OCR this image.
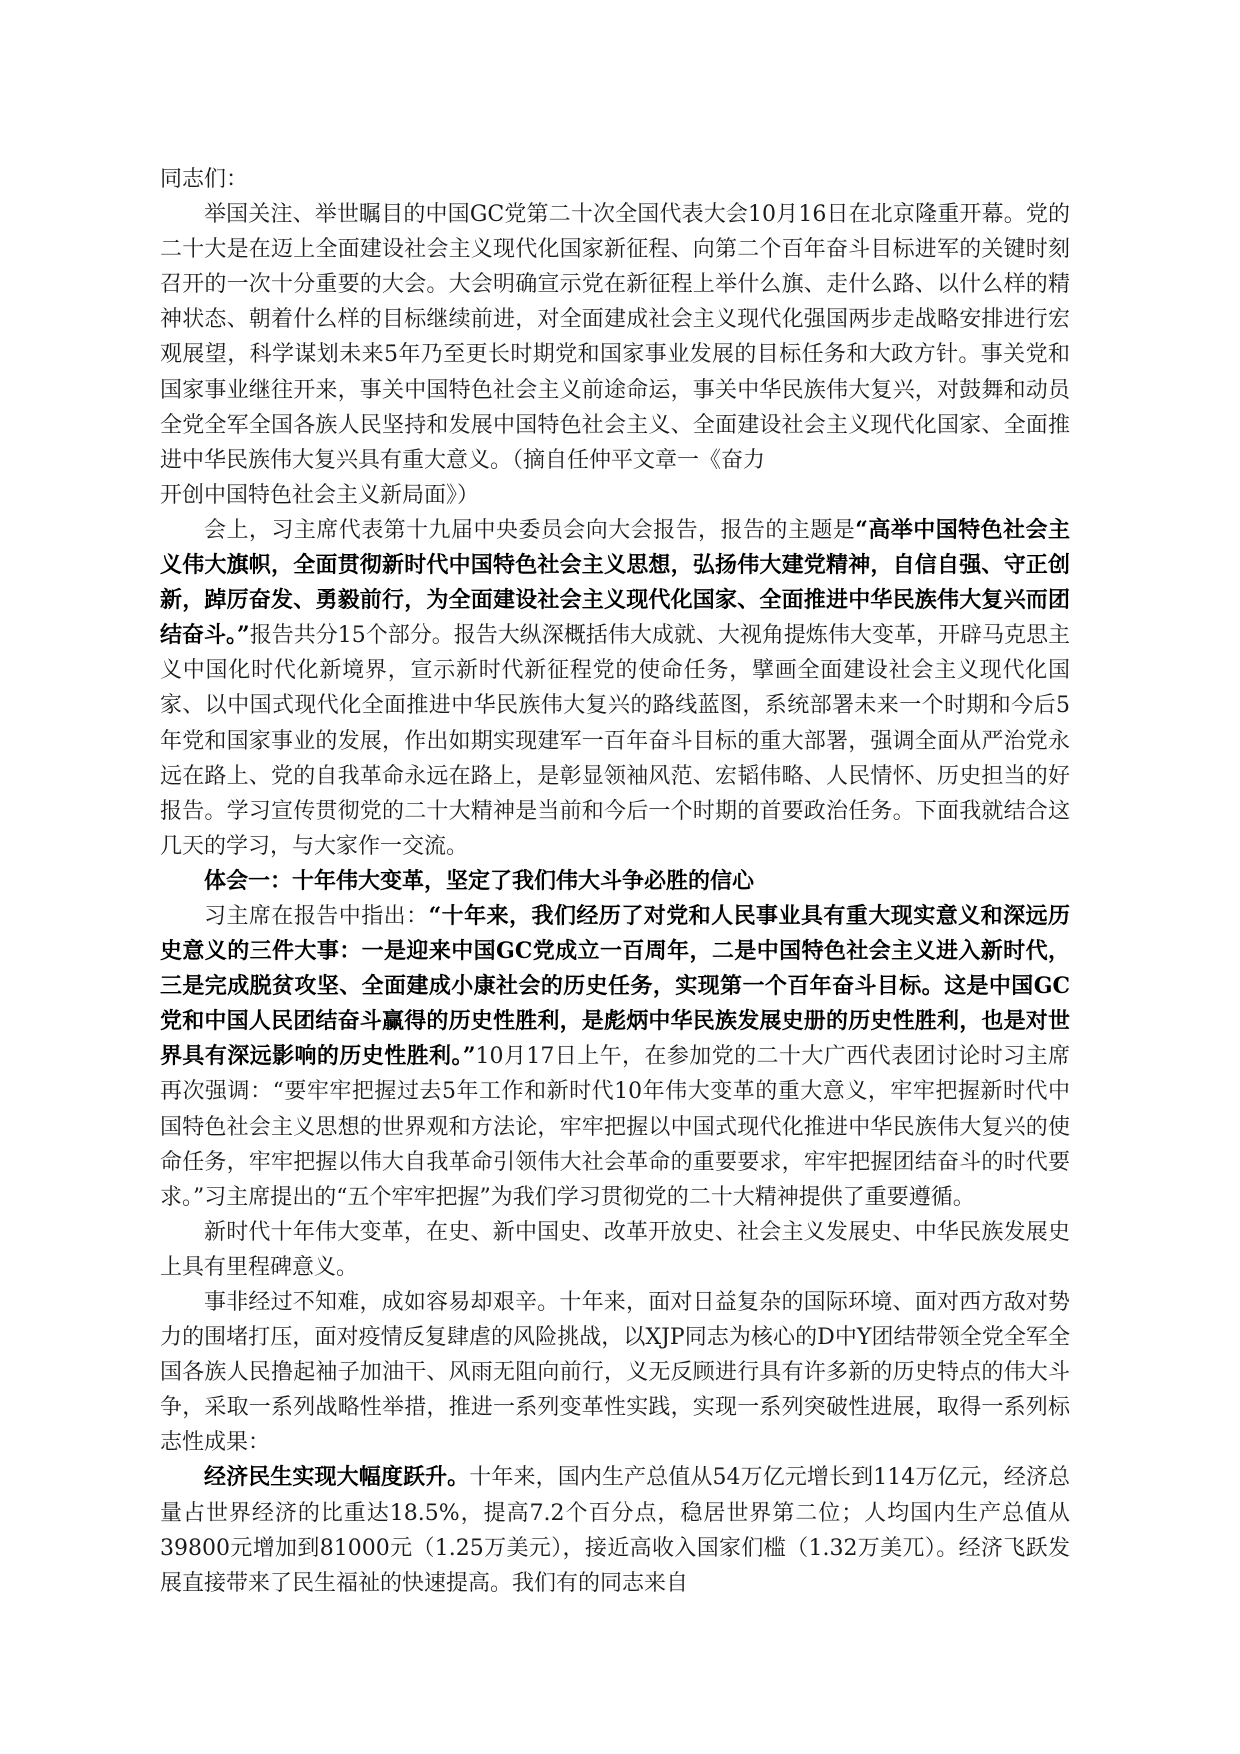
同志们：

举国关注、举世瞩目的中国GC党第二十次全国代表大会10月16日在北京隆重开幕。党的二十大是在迈上全面建设社会主义现代化国家新征程、向第二个百年奋斗目标进军的关键时刻召开的一次十分重要的大会。大会明确宣示党在新征程上举什么旗、走什么路、以什么样的精神状态、朝着什么样的目标继续前进，对全面建成社会主义现代化强国两步走战略安排进行宏观展望，科学谋划未来5年乃至更长时期党和国家事业发展的目标任务和大政方针。事关党和国家事业继往开来，事关中国特色社会主义前途命运，事关中华民族伟大复兴，对鼓舞和动员全党全军全国各族人民坚持和发展中国特色社会主义、全面建设社会主义现代化国家、全面推进中华民族伟大复兴具有重大意义。（摘自任仲平文章一《奋力
开创中国特色社会主义新局面》）

会上，习主席代表第十九届中央委员会向大会报告，报告的主题是“高举中国特色社会主义伟大旗帜，全面贯彻新时代中国特色社会主义思想，弘扬伟大建党精神，自信自强、守正创新，踔厉奋发、勇毅前行，为全面建设社会主义现代化国家、全面推进中华民族伟大复兴而团结奋斗。”报告共分15个部分。报告大纵深概括伟大成就、大视角提炼伟大变革，开辟马克思主义中国化时代化新境界，宣示新时代新征程党的使命任务，擘画全面建设社会主义现代化国家、以中国式现代化全面推进中华民族伟大复兴的路线蓝图，系统部署未来一个时期和今后5年党和国家事业的发展，作出如期实现建军一百年奋斗目标的重大部署，强调全面从严治党永远在路上、党的自我革命永远在路上，是彰显领袖风范、宏韬伟略、人民情怀、历史担当的好报告。学习宣传贯彻党的二十大精神是当前和今后一个时期的首要政治任务。下面我就结合这几天的学习，与大家作一交流。

体会一：十年伟大变革，坚定了我们伟大斗争必胜的信心

习主席在报告中指出：“十年来，我们经历了对党和人民事业具有重大现实意义和深远历史意义的三件大事：一是迎来中国GC党成立一百周年，二是中国特色社会主义进入新时代，三是完成脱贫攻坚、全面建成小康社会的历史任务，实现第一个百年奋斗目标。这是中国GC党和中国人民团结奋斗赢得的历史性胜利，是彪炳中华民族发展史册的历史性胜利，也是对世界具有深远影响的历史性胜利。”10月17日上午，在参加党的二十大广西代表团讨论时习主席再次强调：“要牢牢把握过去5年工作和新时代10年伟大变革的重大意义，牢牢把握新时代中国特色社会主义思想的世界观和方法论，牢牢把握以中国式现代化推进中华民族伟大复兴的使命任务，牢牢把握以伟大自我革命引领伟大社会革命的重要要求，牢牢把握团结奋斗的时代要求。”习主席提出的“五个牢牢把握”为我们学习贯彻党的二十大精神提供了重要遵循。

新时代十年伟大变革，在史、新中国史、改革开放史、社会主义发展史、中华民族发展史上具有里程碑意义。

事非经过不知难，成如容易却艰辛。十年来，面对日益复杂的国际环境、面对西方敌对势力的围堵打压，面对疫情反复肆虐的风险挑战，以XJP同志为核心的D中Y团结带领全党全军全国各族人民撸起袖子加油干、风雨无阻向前行，义无反顾进行具有许多新的历史特点的伟大斗争，采取一系列战略性举措，推进一系列变革性实践，实现一系列突破性进展，取得一系列标志性成果：

经济民生实现大幅度跃升。十年来，国内生产总值从54万亿元增长到114万亿元，经济总量占世界经济的比重达18.5%，提高7.2个百分点，稳居世界第二位；人均国内生产总值从39800元增加到81000元（1.25万美元），接近高收入国家们槛（1.32万美兀）。经济飞跃发展直接带来了民生福祉的快速提高。我们有的同志来自
